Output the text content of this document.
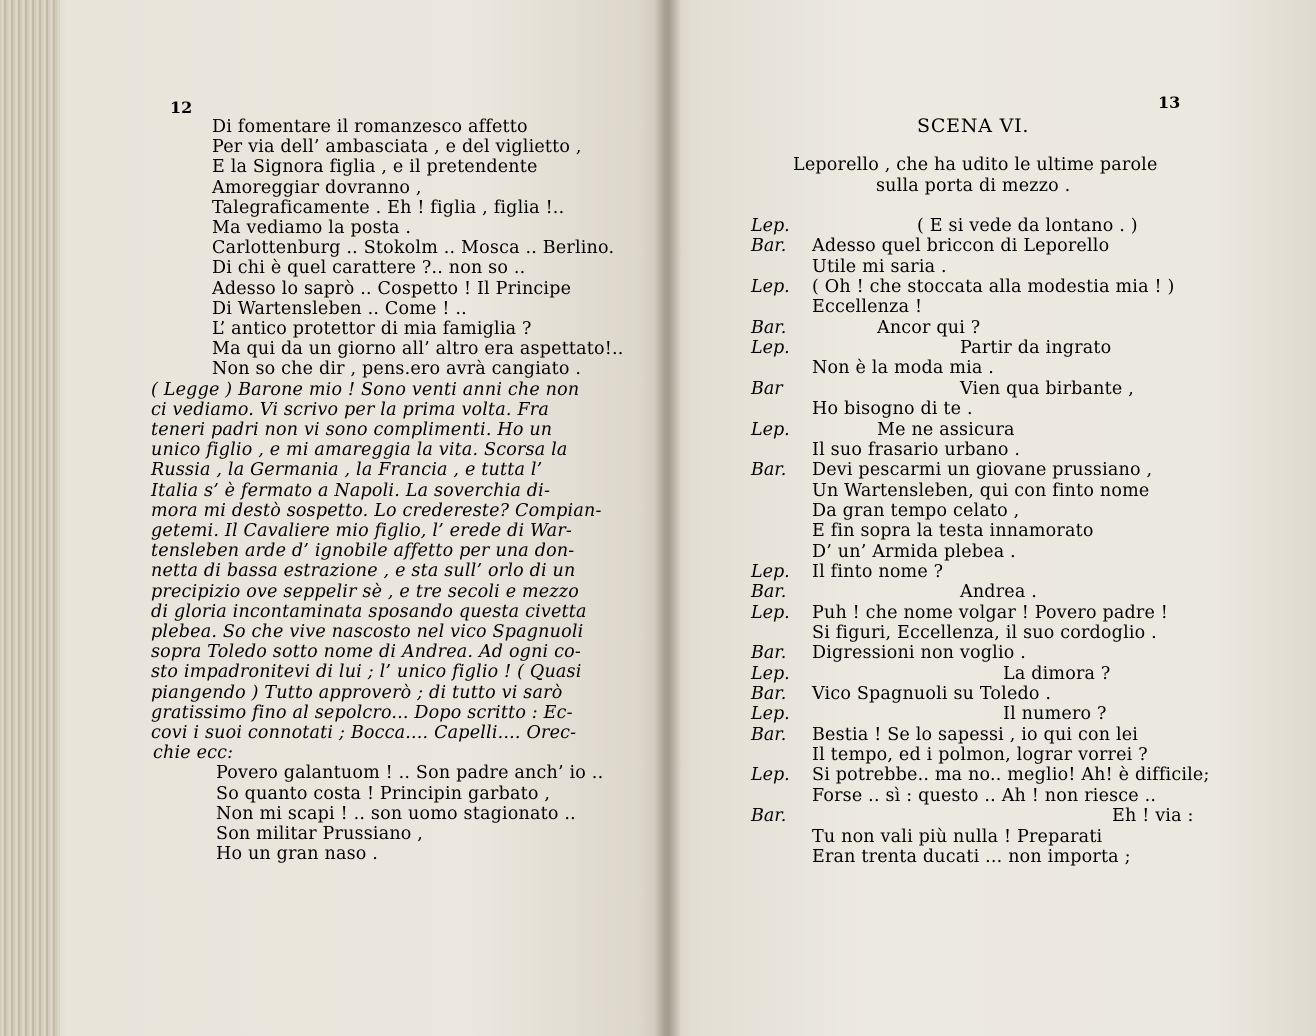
Di fomentare il romanzesco affetto
Per via dell’ ambasciata , e del viglietto ,
E la Signora figlia , e il pretendente
Amoreggiar dovranno ,
Talegraficamente . Eh ! figlia , figlia !..
Ma vediamo la posta .
Carlottenburg .. Stokolm .. Mosca .. Berlino.
Di chi è quel carattere ?.. non so ..
Adesso lo saprò .. Cospetto ! Il Principe
Di Wartensleben .. Come ! ..
L’ antico protettor di mia famiglia ?
Ma qui da un giorno all’ altro era aspettato!..
Non so che dir , pens.ero avrà cangiato .
( Legge ) Barone mio ! Sono venti anni che non
ci vediamo. Vi scrivo per la prima volta. Fra
teneri padri non vi sono complimenti. Ho un
unico figlio , e mi amareggia la vita. Scorsa la
Russia , la Germania , la Francia , e tutta l’
Italia s’ è fermato a Napoli. La soverchia di-
mora mi destò sospetto. Lo credereste? Compian-
getemi. Il Cavaliere mio figlio, l’ erede di War-
tensleben arde d’ ignobile affetto per una don-
netta di bassa estrazione , e sta sull’ orlo di un
precipizio ove seppelir sè , e tre secoli e mezzo
di gloria incontaminata sposando questa civetta
plebea. So che vive nascosto nel vico Spagnuoli
sopra Toledo sotto nome di Andrea. Ad ogni co-
sto impadronitevi di lui ; l’ unico figlio ! ( Quasi
piangendo ) Tutto approverò ; di tutto vi sarò
gratissimo fino al sepolcro... Dopo scritto : Ec-
covi i suoi connotati ; Bocca.... Capelli.... Orec-
chie ecc:
Povero galantuom ! .. Son padre anch’ io ..
So quanto costa ! Principin garbato ,
Non mi scapi ! .. son uomo stagionato ..
Son militar Prussiano ,
Ho un gran naso .
Leporello , che ha udito le ultime parole
sulla porta di mezzo .
Lep.	( E si vede da lontano . )
Bar. Adesso quel briccon di Leporello
Utile mi saria .
Lep. ( Oh ! che stoccata alla modestia mia ! )
Eccellenza !
Bar.	Ancor qui ?
Lep.	Partir da ingrato
Non è la moda mia .
Bar	Vien qua birbante ,
Ho bisogno di te .
Lep.	Me ne assicura
Il suo frasario urbano .
Bar. Devi pescarmi un giovane prussiano ,
Un Wartensleben, qui con finto nome
Da gran tempo celato ,
E fin sopra la testa innamorato
D’ un’ Armida plebea .
Lep. Il finto nome ?
Bar.	Andrea .
Lep. Puh ! che nome volgar ! Povero padre !
Si figuri, Eccellenza, il suo cordoglio .
Bar. Digressioni non voglio .
Lep.	La dimora ?
Bar. Vico Spagnuoli su Toledo .
Lep.	Il numero ?
Bar. Bestia ! Se lo sapessi , io qui con lei
Il tempo, ed i polmon, lograr vorrei ?
Lep. Si potrebbe.. ma no.. meglio! Ah! è difficile;
Forse .. sì : questo .. Ah ! non riesce ..
Bar.	Eh ! via :
Tu non vali più nulla ! Preparati
Eran trenta ducati ... non importa ;
12	13
SCENA VI.
